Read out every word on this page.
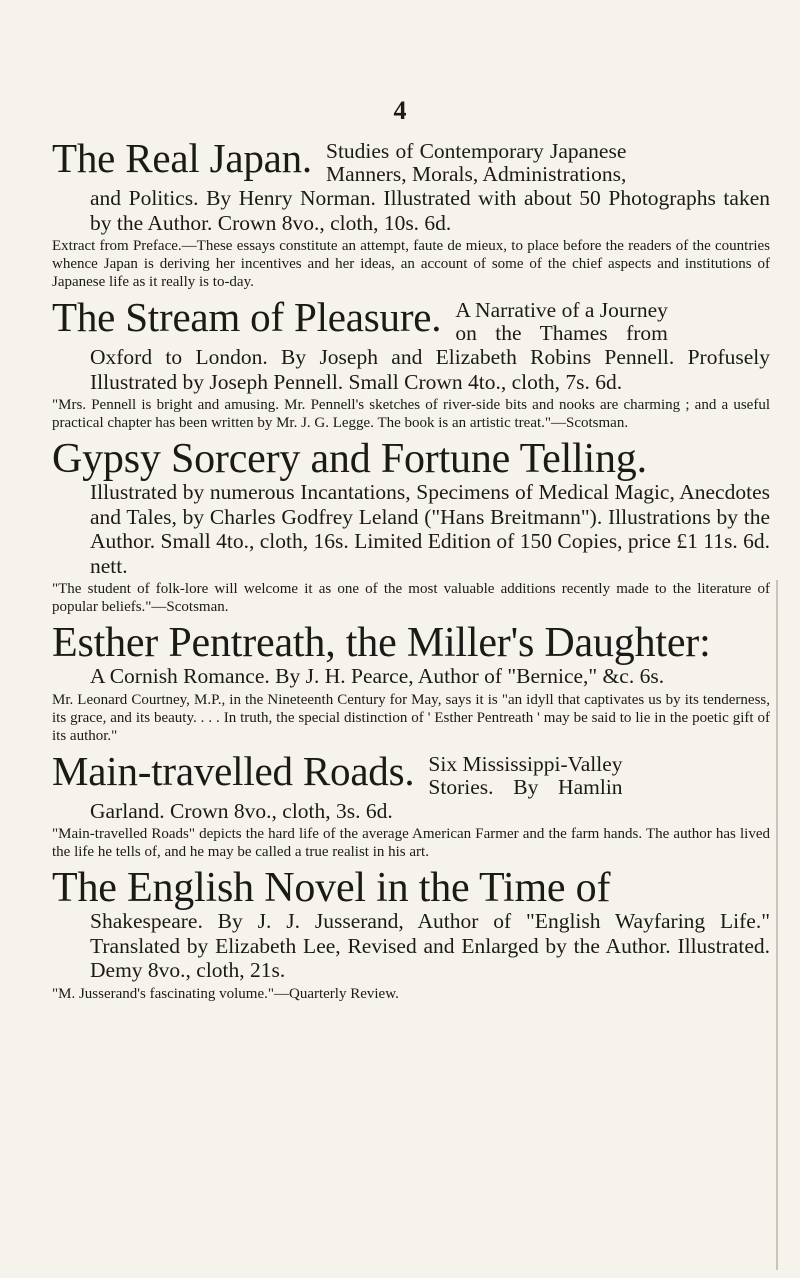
4
The Real Japan. Studies of Contemporary Japanese
Manners, Morals, Administrations,
and Politics. By Henry Norman. Illustrated with about 50 Photographs taken by the Author. Crown 8vo., cloth, 10s. 6d.
Extract from Preface.—These essays constitute an attempt, faute de mieux, to place before the readers of the countries whence Japan is deriving her incentives and her ideas, an account of some of the chief aspects and institutions of Japanese life as it really is to-day.
The Stream of Pleasure. A Narrative of a Journey
on the Thames from
Oxford to London. By Joseph and Elizabeth Robins Pennell. Profusely Illustrated by Joseph Pennell. Small Crown 4to., cloth, 7s. 6d.
"Mrs. Pennell is bright and amusing. Mr. Pennell's sketches of river-side bits and nooks are charming ; and a useful practical chapter has been written by Mr. J. G. Legge. The book is an artistic treat."—Scotsman.
Gypsy Sorcery and Fortune Telling.
Illustrated by numerous Incantations, Specimens of Medical Magic, Anecdotes and Tales, by Charles Godfrey Leland ("Hans Breitmann"). Illustrations by the Author. Small 4to., cloth, 16s. Limited Edition of 150 Copies, price £1 11s. 6d. nett.
"The student of folk-lore will welcome it as one of the most valuable additions recently made to the literature of popular beliefs."—Scotsman.
Esther Pentreath, the Miller's Daughter:
A Cornish Romance. By J. H. Pearce, Author of "Bernice," &c. 6s.
Mr. Leonard Courtney, M.P., in the Nineteenth Century for May, says it is "an idyll that captivates us by its tenderness, its grace, and its beauty. . . . In truth, the special distinction of ' Esther Pentreath ' may be said to lie in the poetic gift of its author."
Main-travelled Roads. Six Mississippi-Valley
Stories. By Hamlin
Garland. Crown 8vo., cloth, 3s. 6d.
"Main-travelled Roads" depicts the hard life of the average American Farmer and the farm hands. The author has lived the life he tells of, and he may be called a true realist in his art.
The English Novel in the Time of
Shakespeare. By J. J. Jusserand, Author of "English Wayfaring Life." Translated by Elizabeth Lee, Revised and Enlarged by the Author. Illustrated. Demy 8vo., cloth, 21s.
"M. Jusserand's fascinating volume."—Quarterly Review.
